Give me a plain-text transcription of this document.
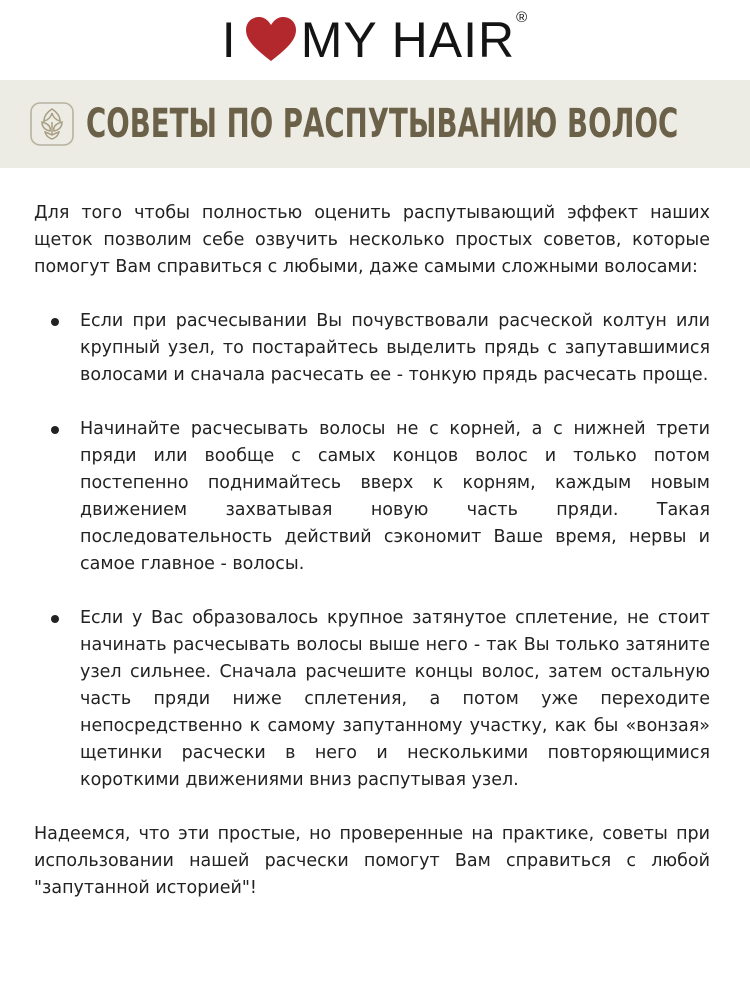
I MY HAIR®
СОВЕТЫ ПО РАСПУТЫВАНИЮ ВОЛОС

Для того чтобы полностью оценить распутывающий эффект наших щеток позволим себе озвучить несколько простых советов, которые помогут Вам справиться с любыми, даже самыми сложными волосами:

Если при расчесывании Вы почувствовали расческой колтун или крупный узел, то постарайтесь выделить прядь с запутавшимися волосами и сначала расчесать ее - тонкую прядь расчесать проще.
Начинайте расчесывать волосы не с корней, а с нижней трети пряди или вообще с самых концов волос и только потом постепенно поднимайтесь вверх к корням, каждым новым движением захватывая новую часть пряди. Такая последовательность действий сэкономит Ваше время, нервы и самое главное - волосы.
Если у Вас образовалось крупное затянутое сплетение, не стоит начинать расчесывать волосы выше него - так Вы только затяните узел сильнее. Сначала расчешите концы волос, затем остальную часть пряди ниже сплетения, а потом уже переходите непосредственно к самому запутанному участку, как бы «вонзая» щетинки расчески в него и несколькими повторяющимися короткими движениями вниз распутывая узел.

Надеемся, что эти простые, но проверенные на практике, советы при использовании нашей расчески помогут Вам справиться с любой "запутанной историей"!
